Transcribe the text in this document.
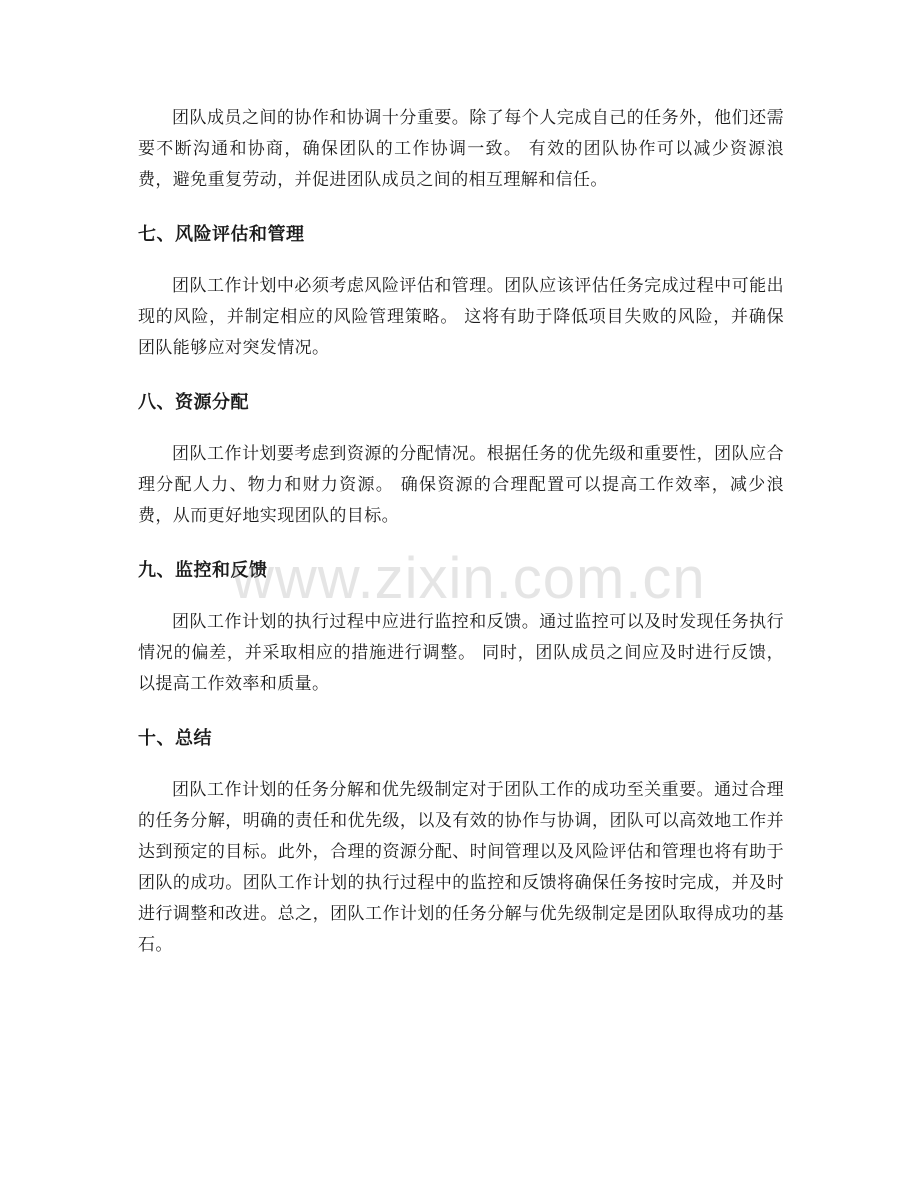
团队成员之间的协作和协调十分重要。除了每个人完成自己的任务外，他们还需要不断沟通和协商，确保团队的工作协调一致。 有效的团队协作可以减少资源浪费，避免重复劳动，并促进团队成员之间的相互理解和信任。

七、风险评估和管理

团队工作计划中必须考虑风险评估和管理。团队应该评估任务完成过程中可能出现的风险，并制定相应的风险管理策略。 这将有助于降低项目失败的风险，并确保团队能够应对突发情况。

八、资源分配

团队工作计划要考虑到资源的分配情况。根据任务的优先级和重要性，团队应合理分配人力、物力和财力资源。 确保资源的合理配置可以提高工作效率，减少浪费，从而更好地实现团队的目标。

九、监控和反馈

团队工作计划的执行过程中应进行监控和反馈。通过监控可以及时发现任务执行情况的偏差，并采取相应的措施进行调整。 同时，团队成员之间应及时进行反馈，以提高工作效率和质量。

十、总结

团队工作计划的任务分解和优先级制定对于团队工作的成功至关重要。通过合理的任务分解，明确的责任和优先级，以及有效的协作与协调，团队可以高效地工作并达到预定的目标。此外，合理的资源分配、时间管理以及风险评估和管理也将有助于团队的成功。团队工作计划的执行过程中的监控和反馈将确保任务按时完成，并及时进行调整和改进。总之，团队工作计划的任务分解与优先级制定是团队取得成功的基石。

www.zixin.com.cn
